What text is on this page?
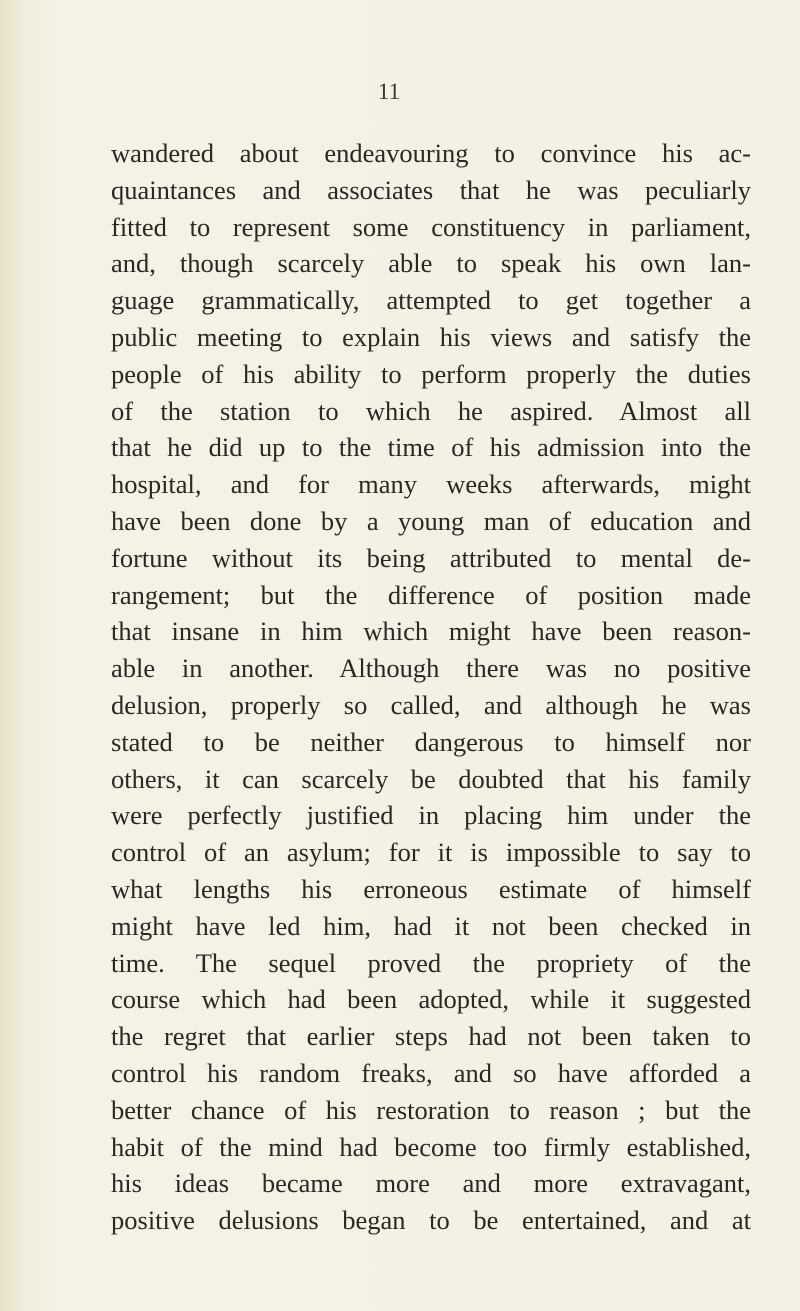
11
wandered about endeavouring to convince his ac-
quaintances and associates that he was peculiarly
fitted to represent some constituency in parliament,
and, though scarcely able to speak his own lan-
guage grammatically, attempted to get together a
public meeting to explain his views and satisfy the
people of his ability to perform properly the duties
of the station to which he aspired. Almost all
that he did up to the time of his admission into the
hospital, and for many weeks afterwards, might
have been done by a young man of education and
fortune without its being attributed to mental de-
rangement; but the difference of position made
that insane in him which might have been reason-
able in another. Although there was no positive
delusion, properly so called, and although he was
stated to be neither dangerous to himself nor
others, it can scarcely be doubted that his family
were perfectly justified in placing him under the
control of an asylum; for it is impossible to say to
what lengths his erroneous estimate of himself
might have led him, had it not been checked in
time. The sequel proved the propriety of the
course which had been adopted, while it suggested
the regret that earlier steps had not been taken to
control his random freaks, and so have afforded a
better chance of his restoration to reason ; but the
habit of the mind had become too firmly established,
his ideas became more and more extravagant,
positive delusions began to be entertained, and at
